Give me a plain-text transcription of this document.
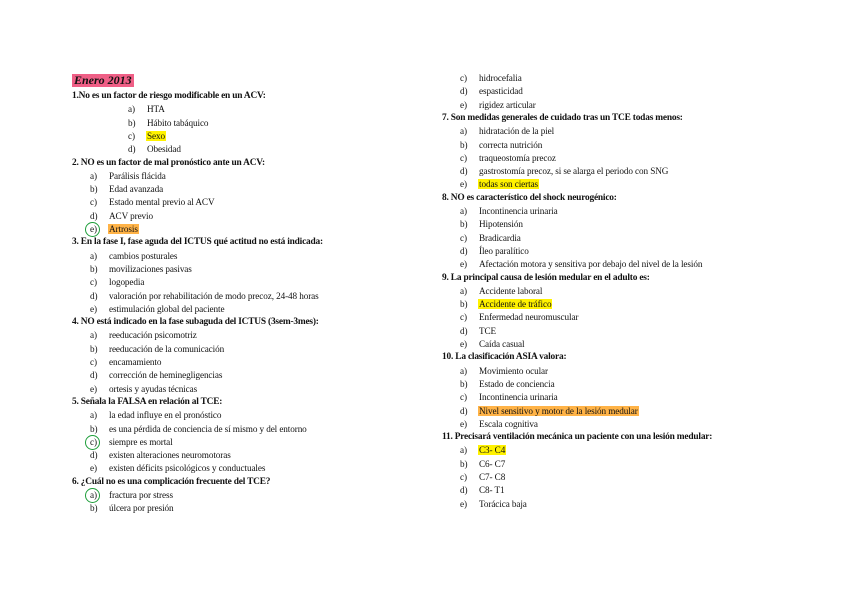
Enero 2013
1.No es un factor de riesgo modificable en un ACV:
a) HTA
b) Hábito tabáquico
c) Sexo
d) Obesidad
2. NO es un factor de mal pronóstico ante un ACV:
a) Parálisis flácida
b) Edad avanzada
c) Estado mental previo al ACV
d) ACV previo
e) Artrosis
3. En la fase I, fase aguda del ICTUS qué actitud no está indicada:
a) cambios posturales
b) movilizaciones pasivas
c) logopedia
d) valoración por rehabilitación de modo precoz, 24-48 horas
e) estimulación global del paciente
4. NO está indicado en la fase subaguda del ICTUS (3sem-3mes):
a) reeducación psicomotriz
b) reeducación de la comunicación
c) encamamiento
d) corrección de heminegligencias
e) ortesis y ayudas técnicas
5. Señala la FALSA en relación al TCE:
a) la edad influye en el pronóstico
b) es una pérdida de conciencia de sí mismo y del entorno
c) siempre es mortal
d) existen alteraciones neuromotoras
e) existen déficits psicológicos y conductuales
6. ¿Cuál no es una complicación frecuente del TCE?
a) fractura por stress
b) úlcera por presión
c) hidrocefalia
d) espasticidad
e) rigidez articular
7. Son medidas generales de cuidado tras un TCE todas menos:
a) hidratación de la piel
b) correcta nutrición
c) traqueostomía precoz
d) gastrostomía precoz, si se alarga el periodo con SNG
e) todas son ciertas
8. NO es característico del shock neurogénico:
a) Incontinencia urinaria
b) Hipotensión
c) Bradicardia
d) Íleo paralítico
e) Afectación motora y sensitiva por debajo del nivel de la lesión
9. La principal causa de lesión medular en el adulto es:
a) Accidente laboral
b) Accidente de tráfico
c) Enfermedad neuromuscular
d) TCE
e) Caída casual
10. La clasificación ASIA valora:
a) Movimiento ocular
b) Estado de conciencia
c) Incontinencia urinaria
d) Nivel sensitivo y motor de la lesión medular
e) Escala cognitiva
11. Precisará ventilación mecánica un paciente con una lesión medular:
a) C3- C4
b) C6- C7
c) C7- C8
d) C8- T1
e) Torácica baja
